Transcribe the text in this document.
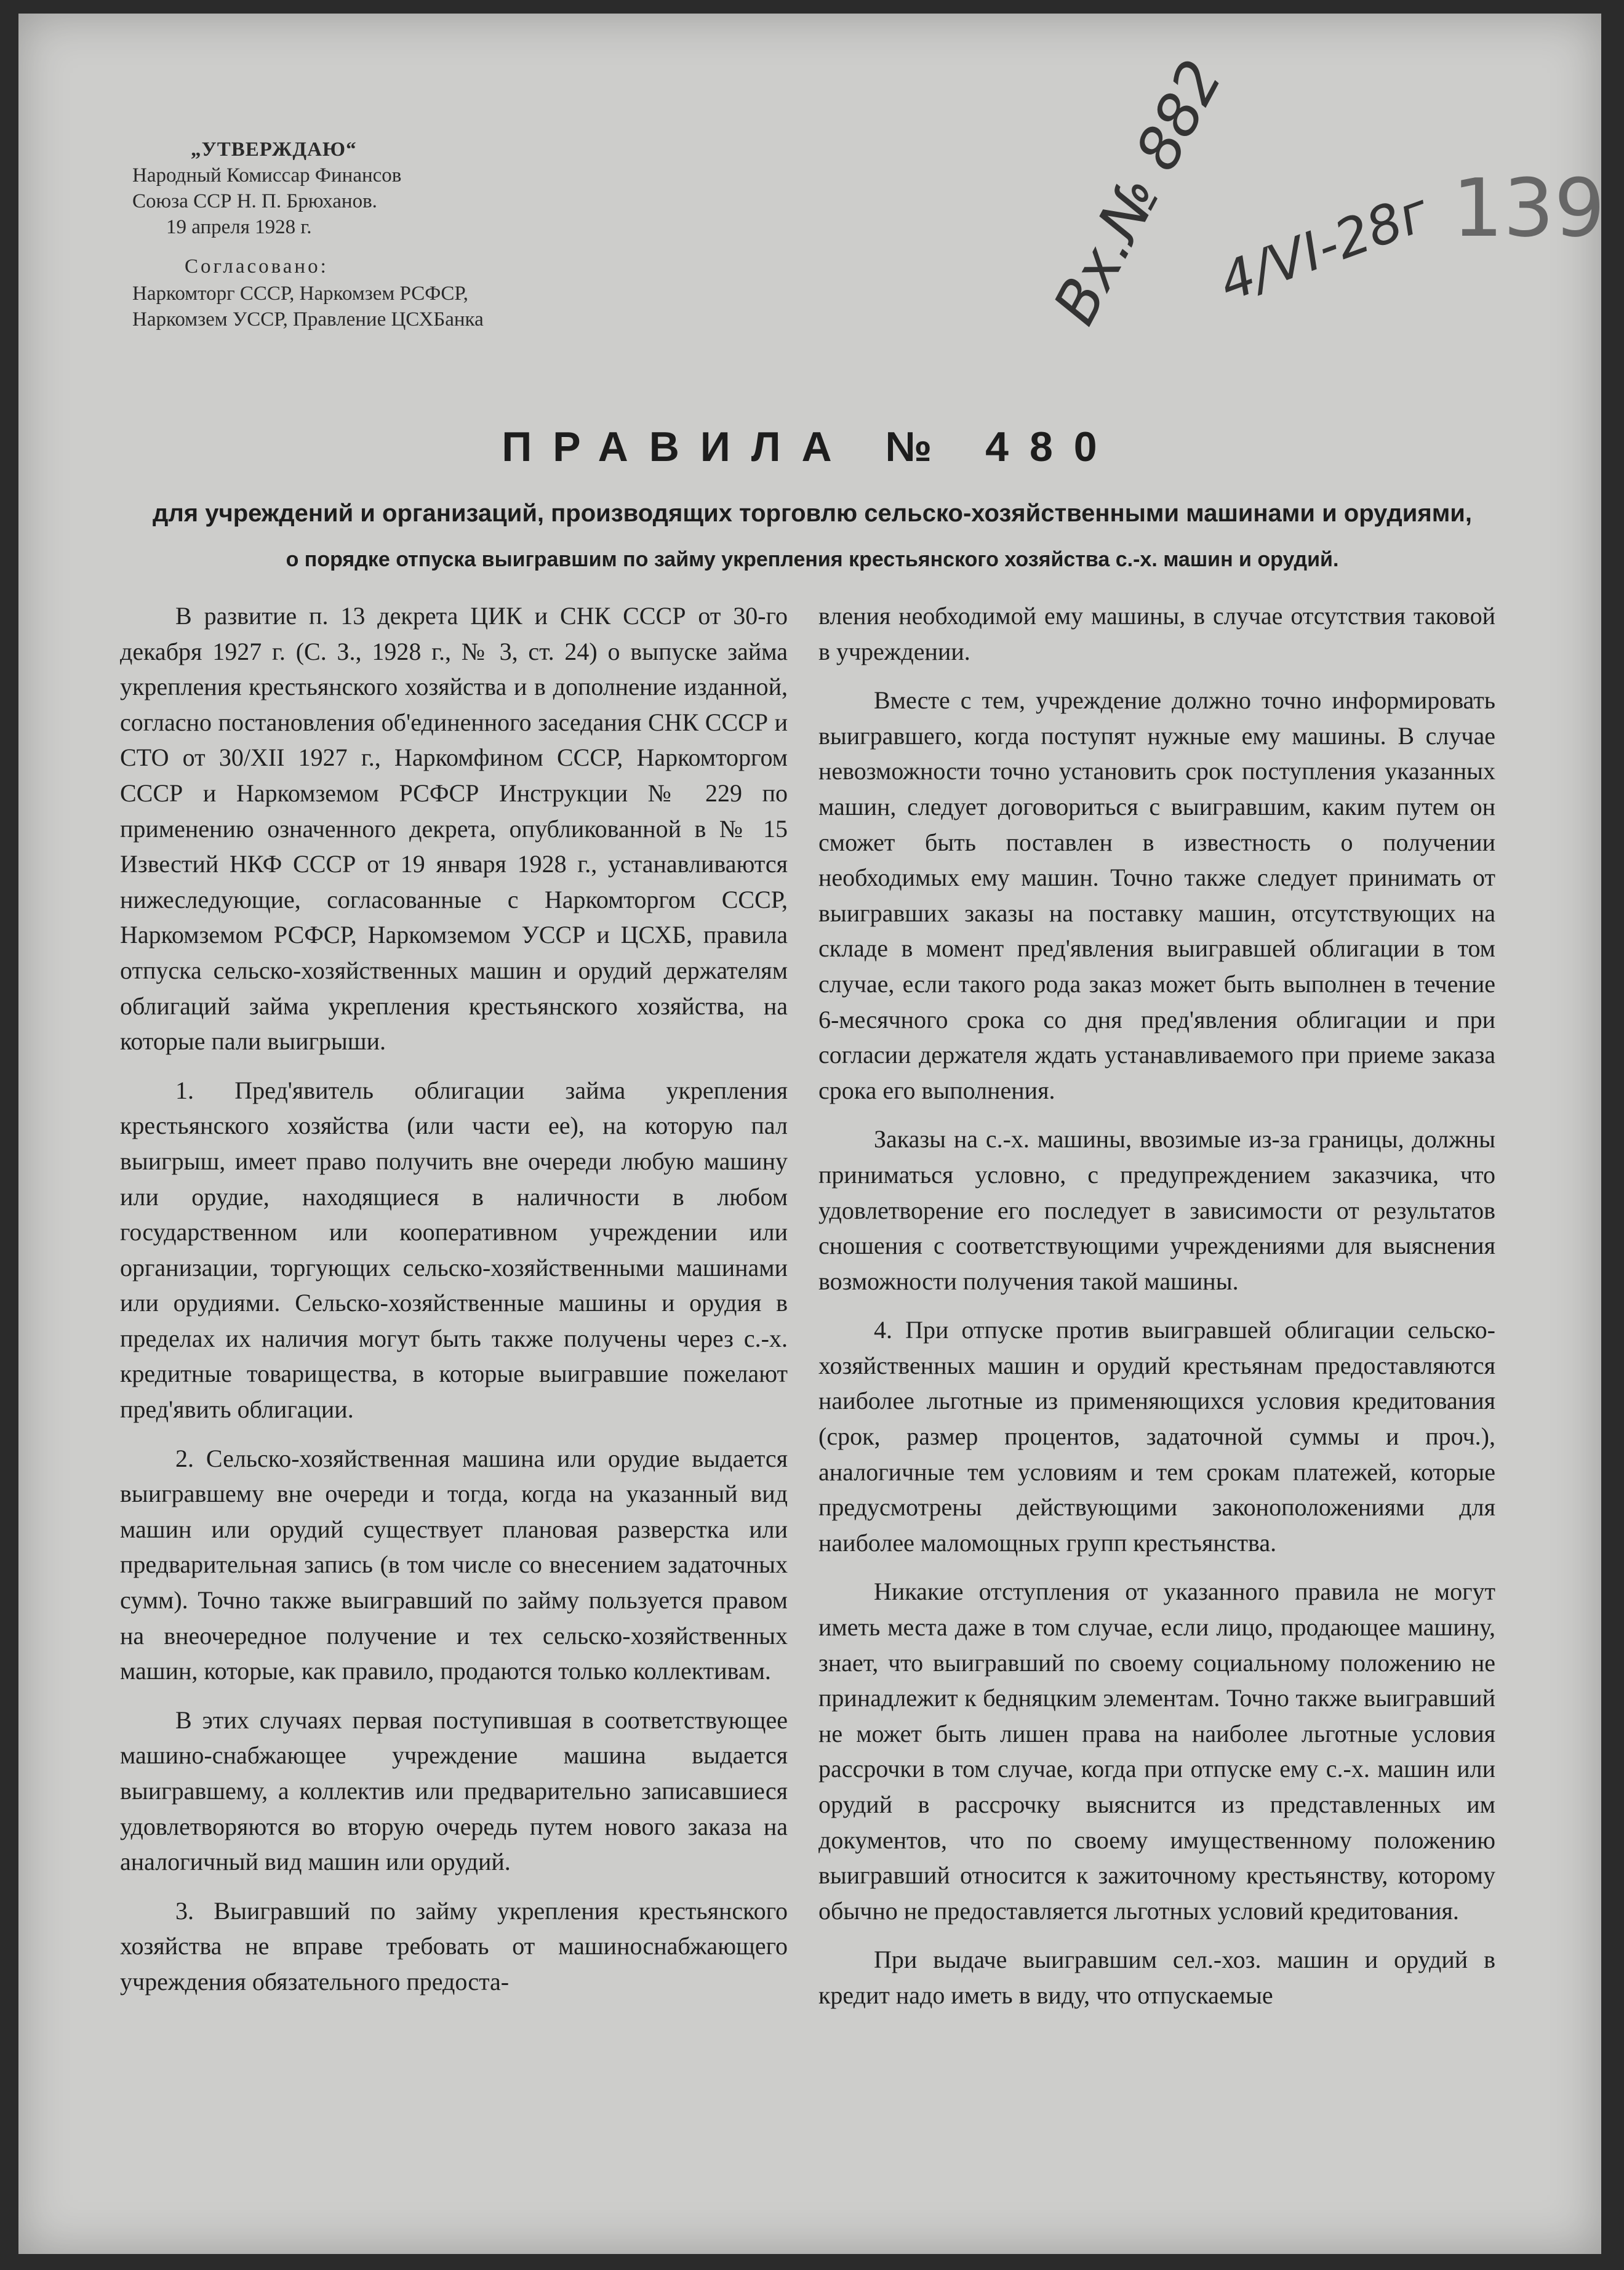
„УТВЕРЖДАЮ“
Народный Комиссар Финансов
Союза ССР Н. П. Брюханов.
19 апреля 1928 г.
Согласовано:
Наркомторг СССР, Наркомзем РСФСР, Наркомзем УССР, Правление ЦСХБанка	Вх.№ 882
4/VI-28г 139
ПРАВИЛА № 480
для учреждений и организаций, производящих торговлю сельско-хозяйственными машинами и орудиями,
о порядке отпуска выигравшим по займу укрепления крестьянского хозяйства с.-х. машин и орудий.

В развитие п. 13 декрета ЦИК и СНК СССР от 30-го декабря 1927 г. (С. З., 1928 г., № 3, ст. 24) о выпуске займа укрепления крестьянского хозяйства и в дополнение изданной, согласно постановления об'единенного заседания СНК СССР и СТО от 30/XII 1927 г., Наркомфином СССР, Наркомторгом СССР и Наркомземом РСФСР Инструкции № 229 по применению означенного декрета, опубликованной в № 15 Известий НКФ СССР от 19 января 1928 г., устанавливаются нижеследующие, согласованные с Наркомторгом СССР, Наркомземом РСФСР, Наркомземом УССР и ЦСХБ, правила отпуска сельско-хозяйственных машин и орудий держателям облигаций займа укрепления крестьянского хозяйства, на которые пали выигрыши.

1. Пред'явитель облигации займа укрепления крестьянского хозяйства (или части ее), на которую пал выигрыш, имеет право получить вне очереди любую машину или орудие, находящиеся в наличности в любом государственном или кооперативном учреждении или организации, торгующих сельско-хозяйственными машинами или орудиями. Сельско-хозяйственные машины и орудия в пределах их наличия могут быть также получены через с.-х. кредитные товарищества, в которые выигравшие пожелают пред'явить облигации.

2. Сельско-хозяйственная машина или орудие выдается выигравшему вне очереди и тогда, когда на указанный вид машин или орудий существует плановая разверстка или предварительная запись (в том числе со внесением задаточных сумм). Точно также выигравший по займу пользуется правом на внеочередное получение и тех сельско-хозяйственных машин, которые, как правило, продаются только коллективам.

В этих случаях первая поступившая в соответствующее машино-снабжающее учреждение машина выдается выигравшему, а коллектив или предварительно записавшиеся удовлетворяются во вторую очередь путем нового заказа на аналогичный вид машин или орудий.

3. Выигравший по займу укрепления крестьянского хозяйства не вправе требовать от машиноснабжающего учреждения обязательного предоста-

вления необходимой ему машины, в случае отсутствия таковой в учреждении.

Вместе с тем, учреждение должно точно информировать выигравшего, когда поступят нужные ему машины. В случае невозможности точно установить срок поступления указанных машин, следует договориться с выигравшим, каким путем он сможет быть поставлен в известность о получении необходимых ему машин. Точно также следует принимать от выигравших заказы на поставку машин, отсутствующих на складе в момент пред'явления выигравшей облигации в том случае, если такого рода заказ может быть выполнен в течение 6-месячного срока со дня пред'явления облигации и при согласии держателя ждать устанавливаемого при приеме заказа срока его выполнения.

Заказы на с.-х. машины, ввозимые из-за границы, должны приниматься условно, с предупреждением заказчика, что удовлетворение его последует в зависимости от результатов сношения с соответствующими учреждениями для выяснения возможности получения такой машины.

4. При отпуске против выигравшей облигации сельско-хозяйственных машин и орудий крестьянам предоставляются наиболее льготные из применяющихся условия кредитования (срок, размер процентов, задаточной суммы и проч.), аналогичные тем условиям и тем срокам платежей, которые предусмотрены действующими законоположениями для наиболее маломощных групп крестьянства.

Никакие отступления от указанного правила не могут иметь места даже в том случае, если лицо, продающее машину, знает, что выигравший по своему социальному положению не принадлежит к бедняцким элементам. Точно также выигравший не может быть лишен права на наиболее льготные условия рассрочки в том случае, когда при отпуске ему с.-х. машин или орудий в рассрочку выяснится из представленных им документов, что по своему имущественному положению выигравший относится к зажиточному крестьянству, которому обычно не предоставляется льготных условий кредитования.

При выдаче выигравшим сел.-хоз. машин и орудий в кредит надо иметь в виду, что отпускаемые
